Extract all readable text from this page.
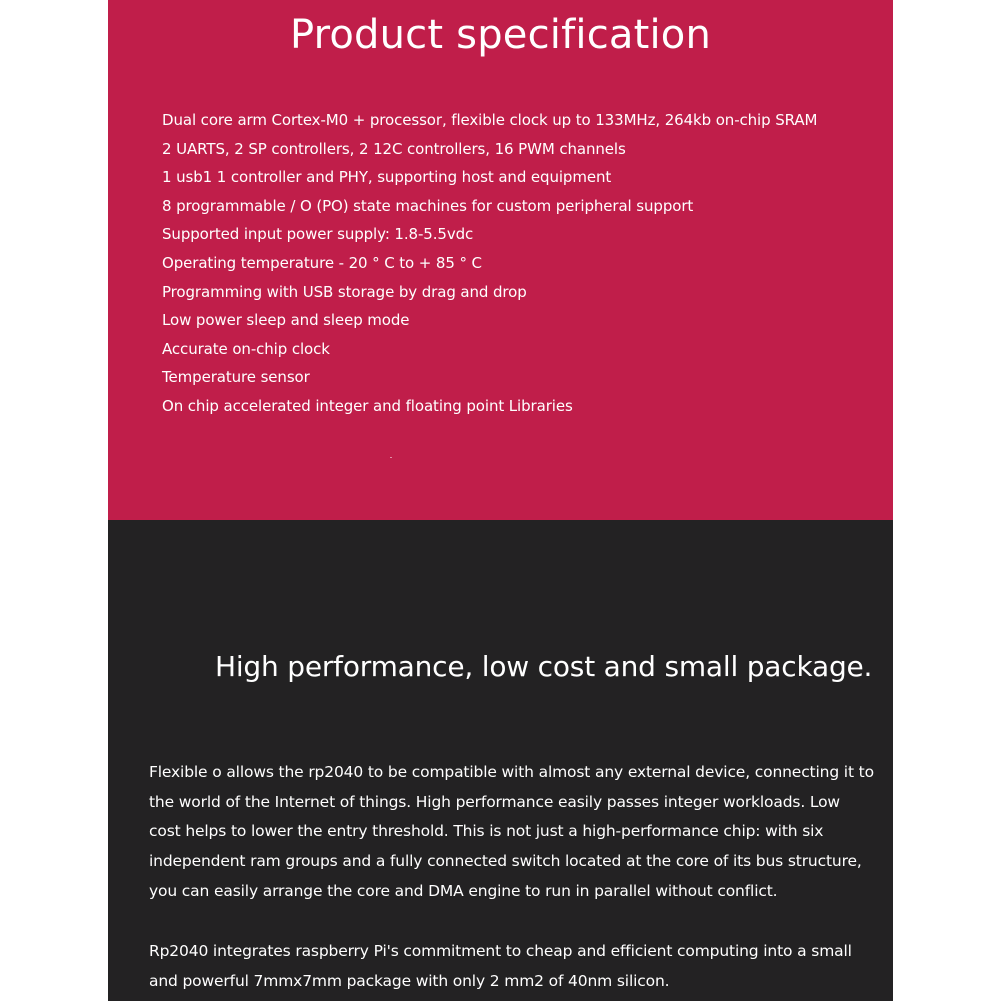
Product specification
Dual core arm Cortex-M0 + processor, flexible clock up to 133MHz, 264kb on-chip SRAM
2 UARTS, 2 SP controllers, 2 12C controllers, 16 PWM channels
1 usb1 1 controller and PHY, supporting host and equipment
8 programmable / O (PO) state machines for custom peripheral support
Supported input power supply: 1.8-5.5vdc
Operating temperature - 20 ° C to + 85 ° C
Programming with USB storage by drag and drop
Low power sleep and sleep mode
Accurate on-chip clock
Temperature sensor
On chip accelerated integer and floating point Libraries
High performance, low cost and small package.

Flexible o allows the rp2040 to be compatible with almost any external device, connecting it to the world of the Internet of things. High performance easily passes integer workloads. Low cost helps to lower the entry threshold. This is not just a high-performance chip: with six independent ram groups and a fully connected switch located at the core of its bus structure, you can easily arrange the core and DMA engine to run in parallel without conflict.

Rp2040 integrates raspberry Pi's commitment to cheap and efficient computing into a small and powerful 7mmx7mm package with only 2 mm2 of 40nm silicon.
